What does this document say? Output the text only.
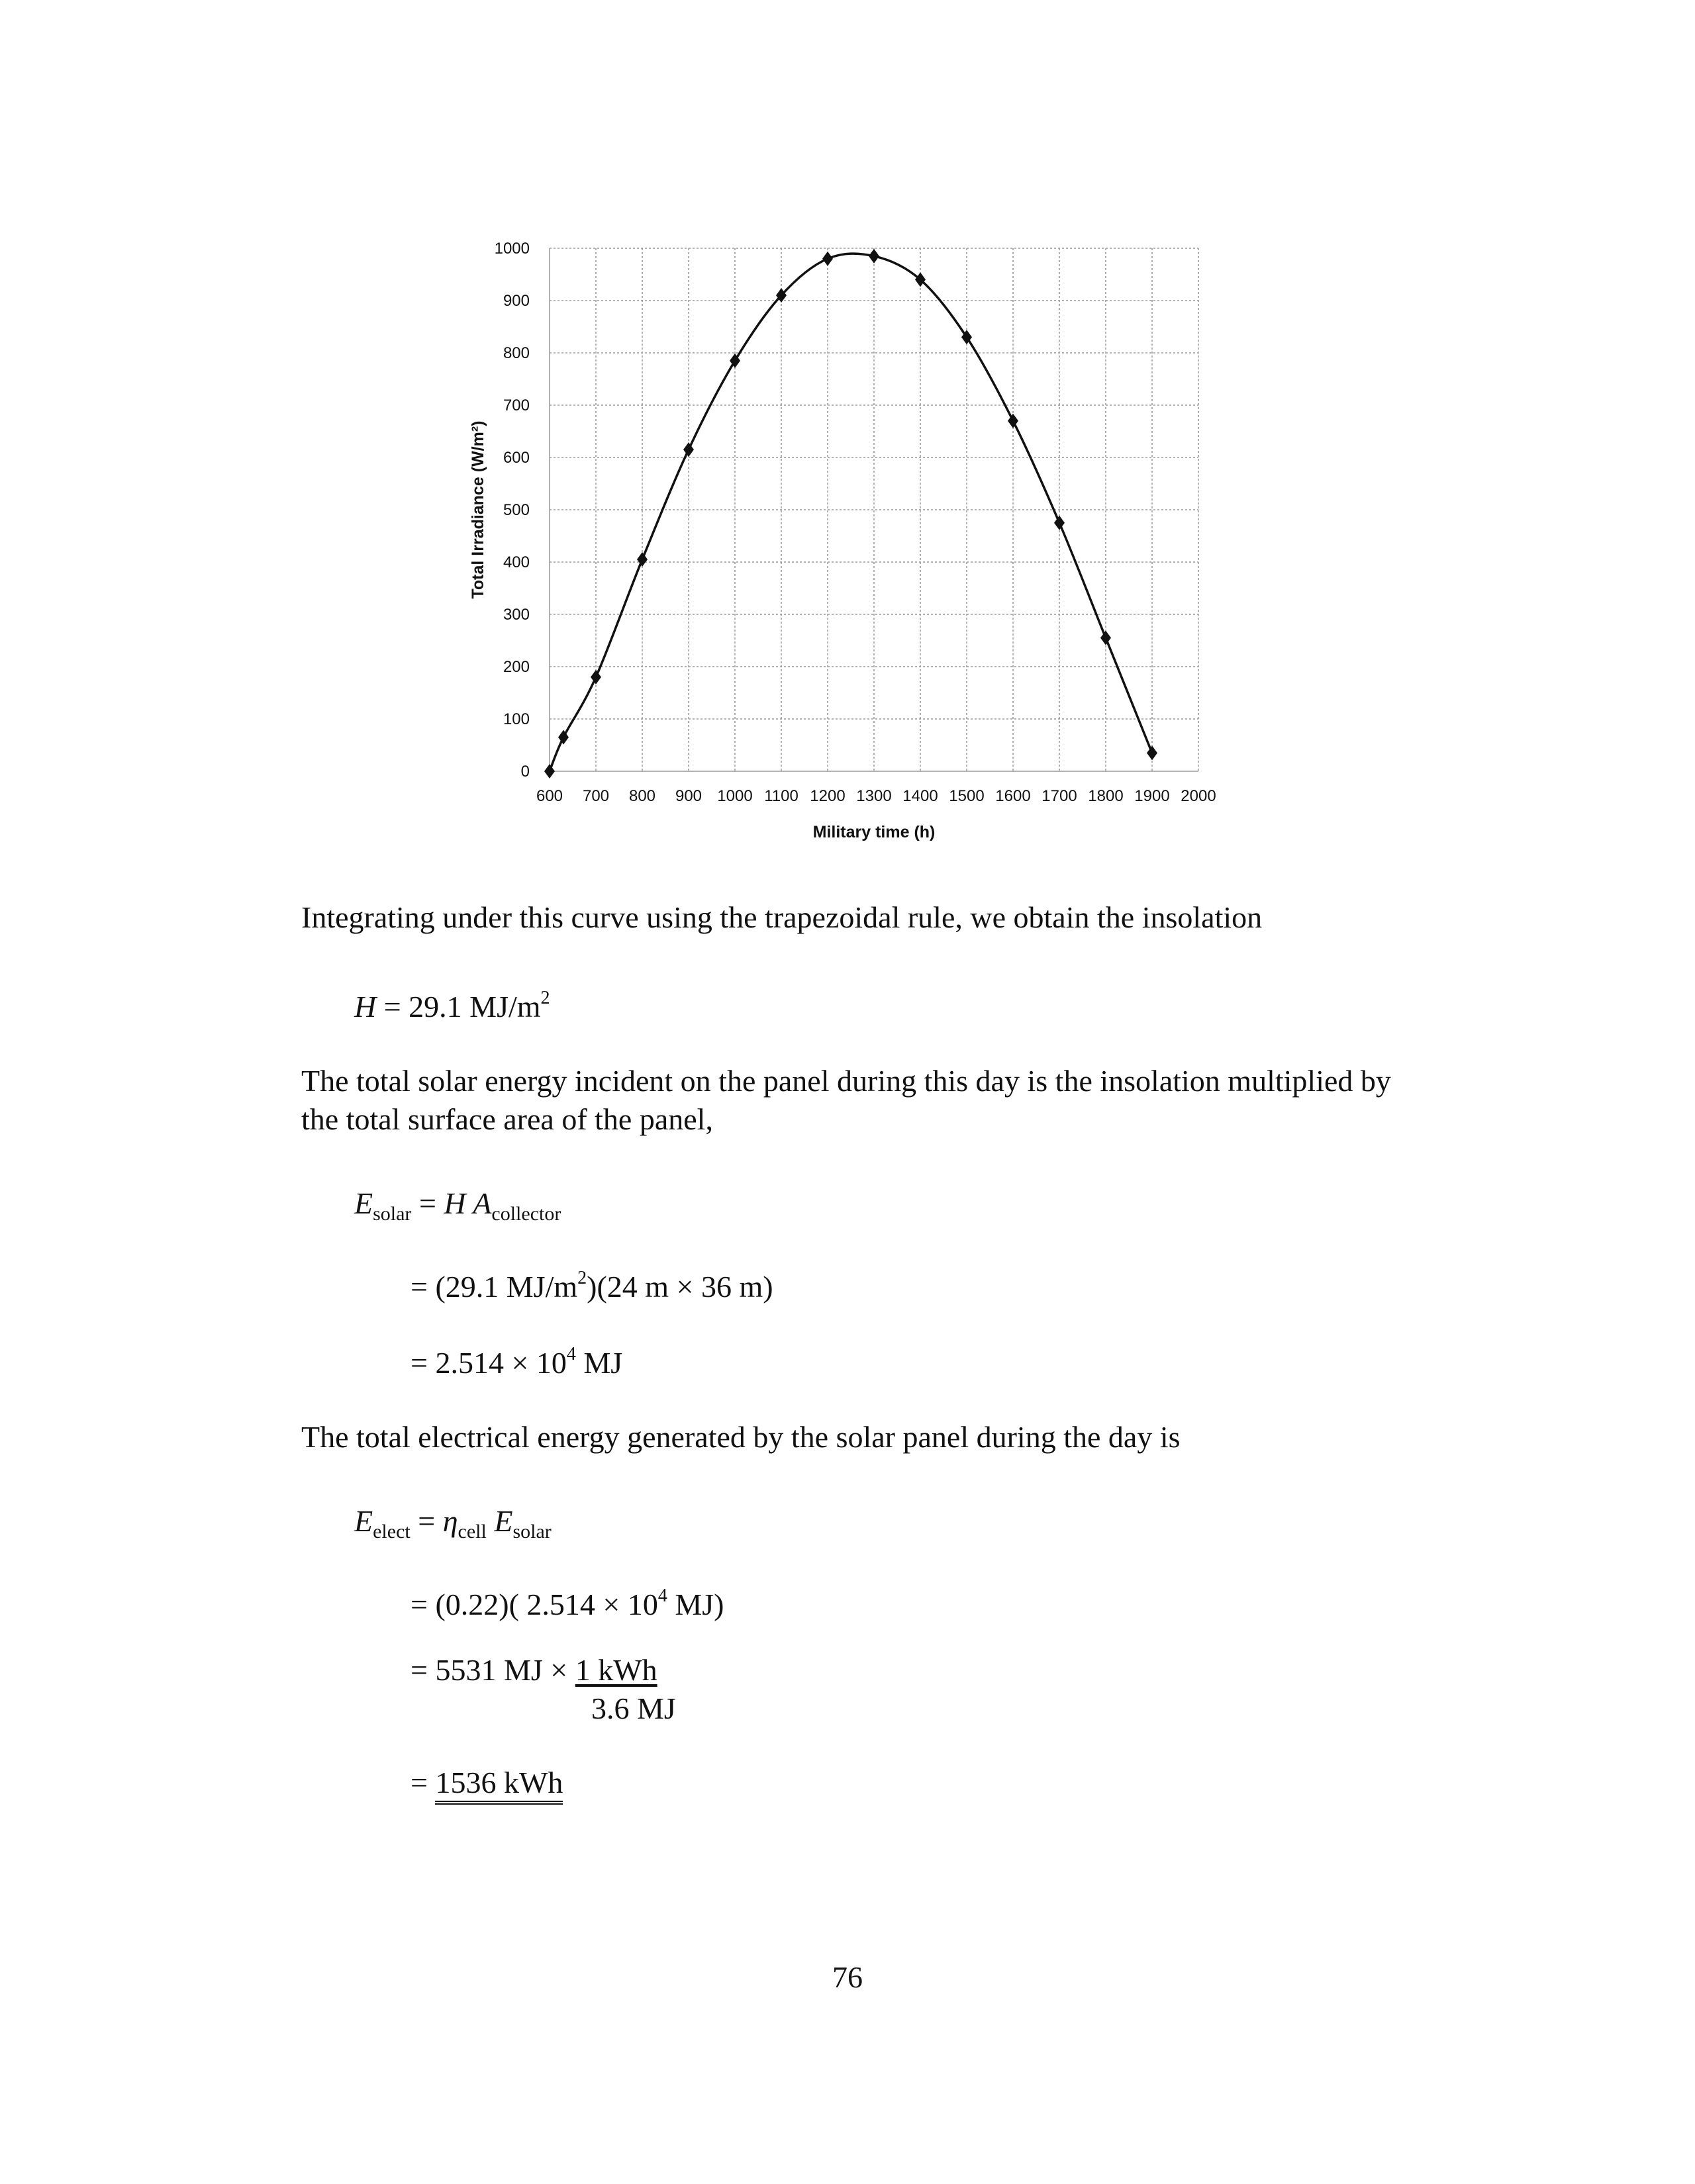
0
100
200
300
400
500
600
700
800
900
1000
600 700 800 900 1000 1100 1200 1300 1400 1500 1600 1700 1800 1900 2000
Military time (h)
Total Irradiance (W/m²)

Integrating under this curve using the trapezoidal rule, we obtain the insolation

H = 29.1 $MJ/m^2$

The total solar energy incident on the panel during this day is the insolation multiplied by

the total surface area of the panel,

$E_{solar} = H$ $A_{collector}$
= (29.1 $MJ/m^2)(24$ m × 36 m)
= $2.514 \times 10^4$ MJ

The total electrical energy generated by the solar panel during the day is

$E_{elect} = \eta_{cell}$ $E_{solar}$
= (0.22)( $2.514 \times 10^4$ MJ)
= 5531 MJ × 1 kWh
3.6 MJ
= 1536 kWh
76
